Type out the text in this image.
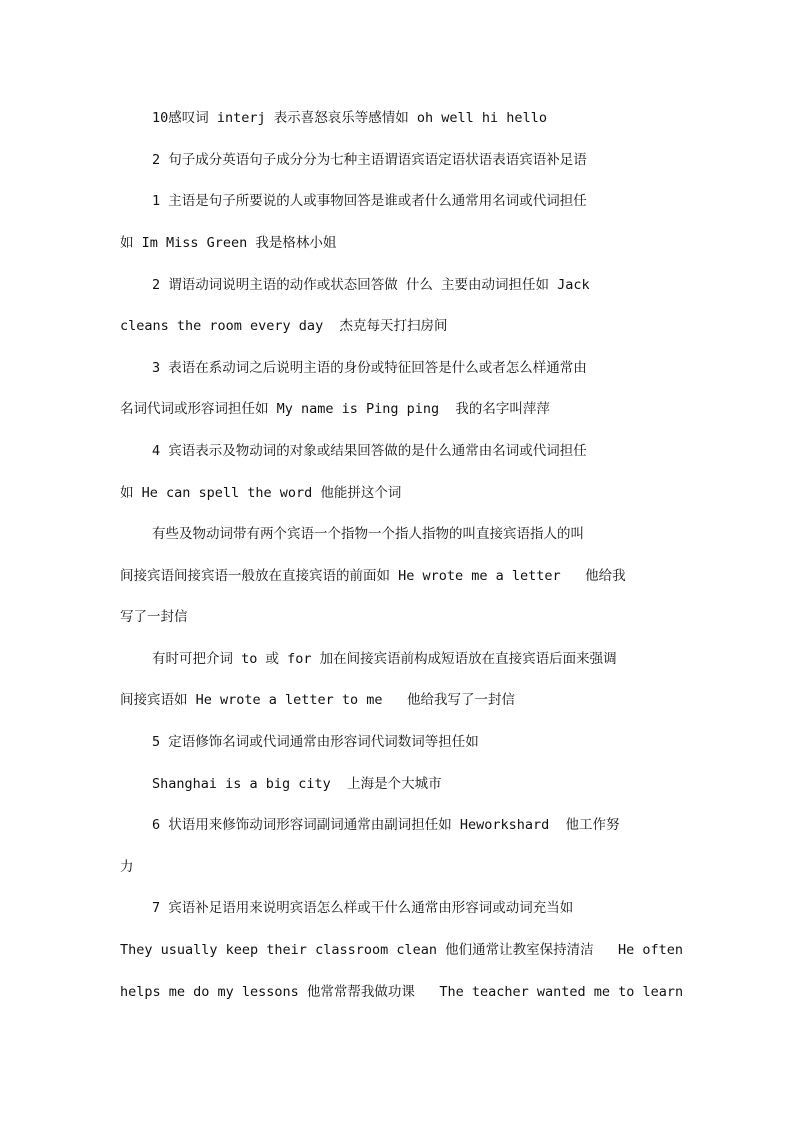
10感叹词 interj 表示喜怒哀乐等感情如 oh well hi hello
2 句子成分英语句子成分分为七种主语谓语宾语定语状语表语宾语补足语
1 主语是句子所要说的人或事物回答是谁或者什么通常用名词或代词担任
如 Im Miss Green 我是格林小姐
2 谓语动词说明主语的动作或状态回答做 什么 主要由动词担任如 Jack
cleans the room every day  杰克每天打扫房间
3 表语在系动词之后说明主语的身份或特征回答是什么或者怎么样通常由
名词代词或形容词担任如 My name is Ping ping  我的名字叫萍萍
4 宾语表示及物动词的对象或结果回答做的是什么通常由名词或代词担任
如 He can spell the word 他能拼这个词
有些及物动词带有两个宾语一个指物一个指人指物的叫直接宾语指人的叫
间接宾语间接宾语一般放在直接宾语的前面如 He wrote me a letter   他给我
写了一封信
有时可把介词 to 或 for 加在间接宾语前构成短语放在直接宾语后面来强调
间接宾语如 He wrote a letter to me   他给我写了一封信
5 定语修饰名词或代词通常由形容词代词数词等担任如
Shanghai is a big city  上海是个大城市
6 状语用来修饰动词形容词副词通常由副词担任如 Heworkshard  他工作努
力
7 宾语补足语用来说明宾语怎么样或干什么通常由形容词或动词充当如
They usually keep their classroom clean 他们通常让教室保持清洁   He often
helps me do my lessons 他常常帮我做功课   The teacher wanted me to learn
